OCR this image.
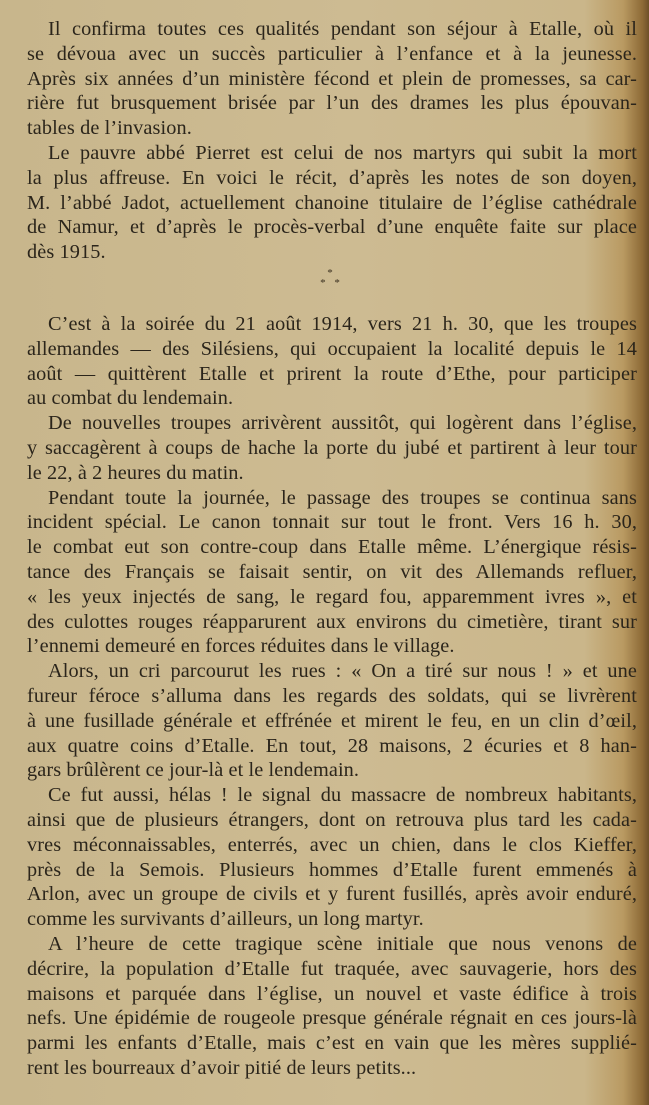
Il confirma toutes ces qualités pendant son séjour à Etalle, où il
se dévoua avec un succès particulier à l’enfance et à la jeunesse.
Après six années d’un ministère fécond et plein de promesses, sa car-
rière fut brusquement brisée par l’un des drames les plus épouvan-
tables de l’invasion.
Le pauvre abbé Pierret est celui de nos martyrs qui subit la mort
la plus affreuse. En voici le récit, d’après les notes de son doyen,
M. l’abbé Jadot, actuellement chanoine titulaire de l’église cathédrale
de Namur, et d’après le procès-verbal d’une enquête faite sur place
dès 1915.
*
* *
C’est à la soirée du 21 août 1914, vers 21 h. 30, que les troupes
allemandes — des Silésiens, qui occupaient la localité depuis le 14
août — quittèrent Etalle et prirent la route d’Ethe, pour participer
au combat du lendemain.
De nouvelles troupes arrivèrent aussitôt, qui logèrent dans l’église,
y saccagèrent à coups de hache la porte du jubé et partirent à leur tour
le 22, à 2 heures du matin.
Pendant toute la journée, le passage des troupes se continua sans
incident spécial. Le canon tonnait sur tout le front. Vers 16 h. 30,
le combat eut son contre-coup dans Etalle même. L’énergique résis-
tance des Français se faisait sentir, on vit des Allemands refluer,
« les yeux injectés de sang, le regard fou, apparemment ivres », et
des culottes rouges réapparurent aux environs du cimetière, tirant sur
l’ennemi demeuré en forces réduites dans le village.
Alors, un cri parcourut les rues : « On a tiré sur nous ! » et une
fureur féroce s’alluma dans les regards des soldats, qui se livrèrent
à une fusillade générale et effrénée et mirent le feu, en un clin d’œil,
aux quatre coins d’Etalle. En tout, 28 maisons, 2 écuries et 8 han-
gars brûlèrent ce jour-là et le lendemain.
Ce fut aussi, hélas ! le signal du massacre de nombreux habitants,
ainsi que de plusieurs étrangers, dont on retrouva plus tard les cada-
vres méconnaissables, enterrés, avec un chien, dans le clos Kieffer,
près de la Semois. Plusieurs hommes d’Etalle furent emmenés à
Arlon, avec un groupe de civils et y furent fusillés, après avoir enduré,
comme les survivants d’ailleurs, un long martyr.
A l’heure de cette tragique scène initiale que nous venons de
décrire, la population d’Etalle fut traquée, avec sauvagerie, hors des
maisons et parquée dans l’église, un nouvel et vaste édifice à trois
nefs. Une épidémie de rougeole presque générale régnait en ces jours-là
parmi les enfants d’Etalle, mais c’est en vain que les mères supplié-
rent les bourreaux d’avoir pitié de leurs petits...
